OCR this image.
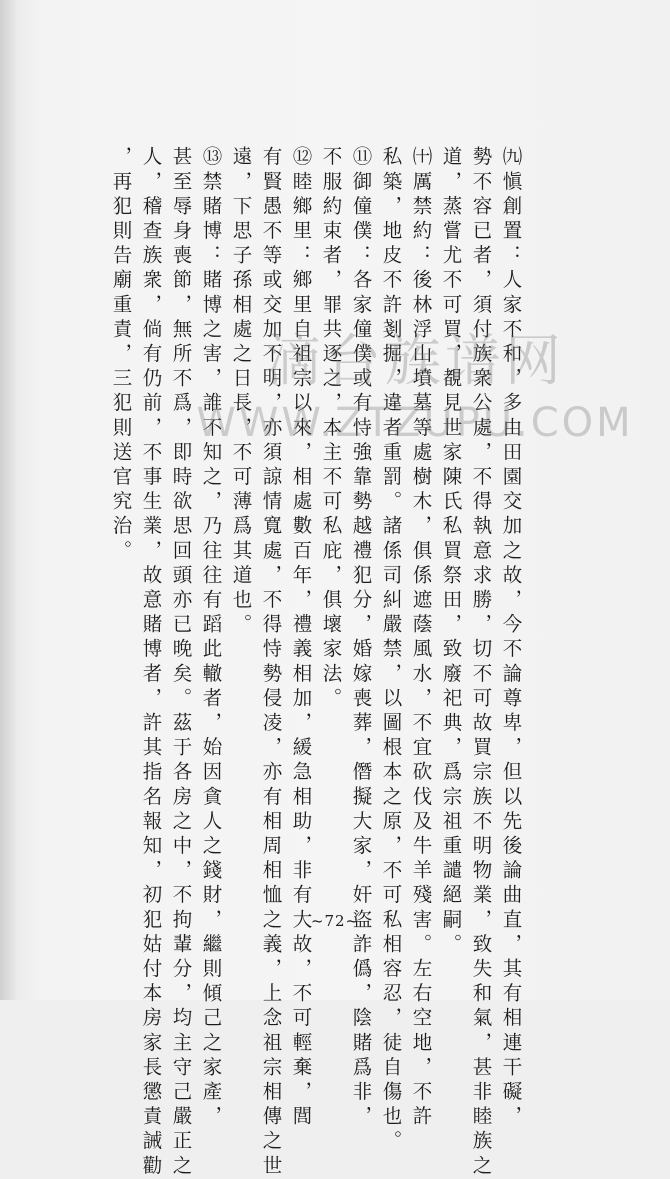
㈨愼創置：人家不和，多由田園交加之故，今不論尊卑，但以先後論曲直，其有相連干礙，
勢不容已者，須付族衆公處，不得執意求勝，切不可故買宗族不明物業，致失和氣，甚非睦族之
道，蒸嘗尤不可買，覩見世家陳氏私買祭田，致廢祀典，爲宗祖重譴絕嗣。
㈩厲禁約：後林浮山墳墓等處樹木，俱係遮蔭風水，不宜砍伐及牛羊殘害。左右空地，不許
私築，地皮不許剗掘，違者重罰。諸係司糾嚴禁，以圖根本之原，不可私相容忍，徒自傷也。
⑪御僮僕：各家僮僕或有恃強靠勢越禮犯分，婚嫁喪葬，僭擬大家，奸盜詐僞，陰賭爲非，
不服約束者，罪共逐之，本主不可私庇，俱壞家法。
⑫睦鄉里：鄉里自祖宗以來，相處數百年，禮義相加，緩急相助，非有大故，不可輕棄，閭
有賢愚不等或交加不明，亦須諒情寬處，不得恃勢侵凌，亦有相周相恤之義，上念祖宗相傳之世
遠，下思子孫相處之日長，不可薄爲其道也。
⑬禁賭博：賭博之害，誰不知之，乃往往有蹈此轍者，始因貪人之錢財，繼則傾己之家產，
甚至辱身喪節，無所不爲，即時欲思回頭亦已晚矣。茲于各房之中，不拘輩分，均主守己嚴正之
人，稽查族衆，倘有仍前，不事生業，故意賭博者，許其指名報知，初犯姑付本房家長懲責誡勸
，再犯則告廟重責，三犯則送官究治。	滴台族谱网
WWW.ZTZUPU.COM
~72~
